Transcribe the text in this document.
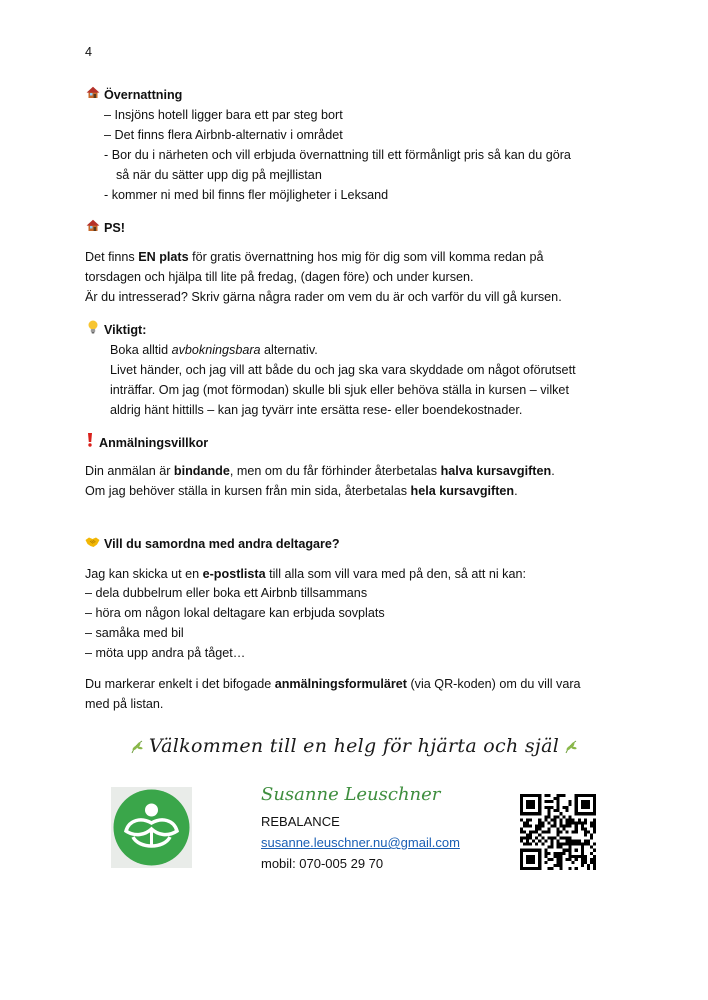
4
Övernattning
– Insjöns hotell ligger bara ett par steg bort
– Det finns flera Airbnb-alternativ i området
- Bor du i närheten och vill erbjuda övernattning till ett förmånligt pris så kan du göra
så när du sätter upp dig på mejllistan
- kommer ni med bil finns fler möjligheter i Leksand
PS!
Det finns EN plats för gratis övernattning hos mig för dig som vill komma redan på
torsdagen och hjälpa till lite på fredag, (dagen före) och under kursen.
Är du intresserad? Skriv gärna några rader om vem du är och varför du vill gå kursen.
Viktigt:
Boka alltid avbokningsbara alternativ.
Livet händer, och jag vill att både du och jag ska vara skyddade om något oförutsett
inträffar. Om jag (mot förmodan) skulle bli sjuk eller behöva ställa in kursen – vilket
aldrig hänt hittills – kan jag tyvärr inte ersätta rese- eller boendekostnader.
Anmälningsvillkor
Din anmälan är bindande, men om du får förhinder återbetalas halva kursavgiften.
Om jag behöver ställa in kursen från min sida, återbetalas hela kursavgiften.
Vill du samordna med andra deltagare?
Jag kan skicka ut en e-postlista till alla som vill vara med på den, så att ni kan:
– dela dubbelrum eller boka ett Airbnb tillsammans
– höra om någon lokal deltagare kan erbjuda sovplats
– samåka med bil
– möta upp andra på tåget…
Du markerar enkelt i det bifogade anmälningsformuläret (via QR-koden) om du vill vara
med på listan.
Välkommen till en helg för hjärta och själ
Susanne Leuschner
REBALANCE
susanne.leuschner.nu@gmail.com
mobil: 070-005 29 70
